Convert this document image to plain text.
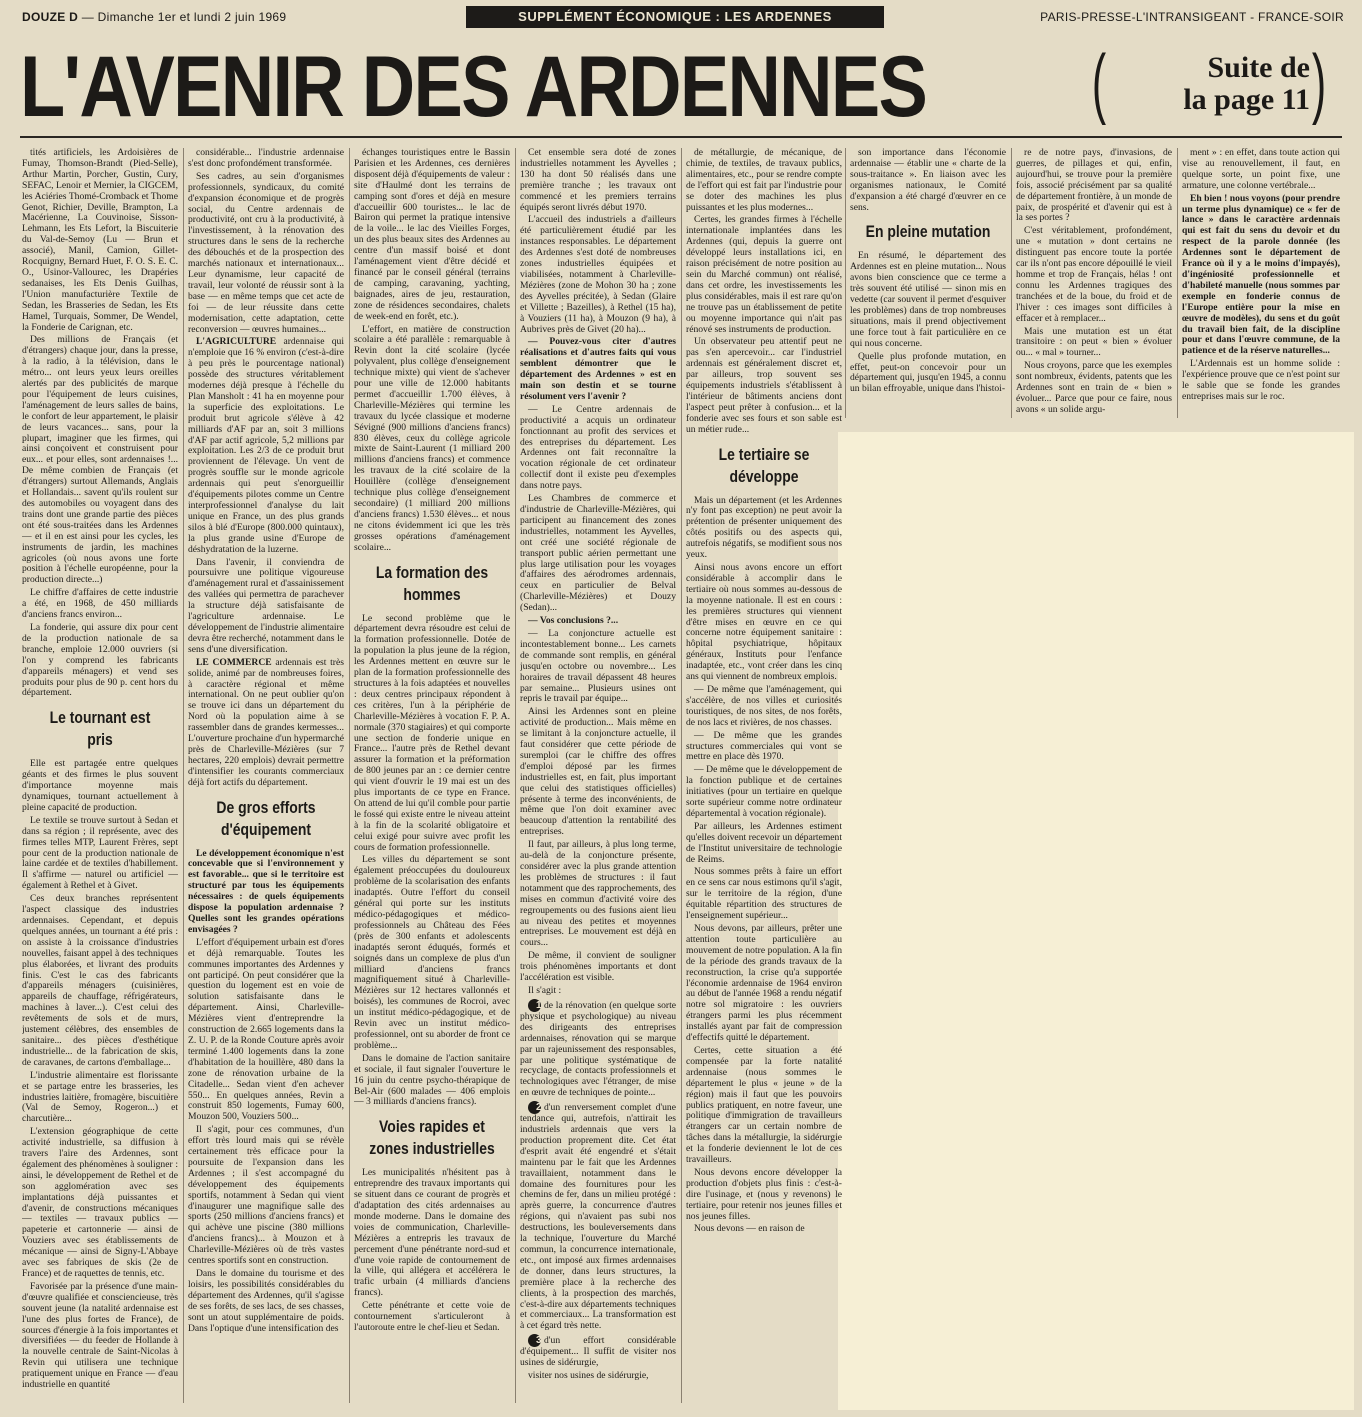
DOUZE D — Dimanche 1er et lundi 2 juin 1969	SUPPLÉMENT ÉCONOMIQUE : LES ARDENNES	PARIS-PRESSE-L'INTRANSIGEANT - FRANCE-SOIR
L'AVENIR DES ARDENNES (	Suite de
la page 11 )

tités artificiels, les Ardoisières de Fumay, Thomson-Brandt (Pied-Selle), Arthur Martin, Porcher, Gustin, Cury, SEFAC, Lenoir et Mernier, la CIGCEM, les Aciéries Thomé-Cromback et Thome Genot, Richier, Deville, Brampton, La Macérienne, La Couvinoise, Sisson-Lehmann, les Ets Lefort, la Biscuiterie du Val-de-Semoy (Lu — Brun et associé), Manil, Camion, Gillet-Rocquigny, Bernard Huet, F. O. S. E. C. O., Usinor-Vallourec, les Drapéries sedanaises, les Ets Denis Guilhas, l'Union manufacturière Textile de Sedan, les Brasseries de Sedan, les Ets Hamel, Turquais, Sommer, De Wendel, la Fonderie de Carignan, etc.

Des millions de Français (et d'étrangers) chaque jour, dans la presse, à la radio, à la télévision, dans le métro... ont leurs yeux leurs oreilles alertés par des publicités de marque pour l'équipement de leurs cuisines, l'aménagement de leurs salles de bains, le confort de leur appartement, le plaisir de leurs vacances... sans, pour la plupart, imaginer que les firmes, qui ainsi conçoivent et construisent pour eux... et pour elles, sont ardennaises !... De même combien de Français (et d'étrangers) surtout Allemands, Anglais et Hollandais... savent qu'ils roulent sur des automobiles ou voyagent dans des trains dont une grande partie des pièces ont été sous-traitées dans les Ardennes — et il en est ainsi pour les cycles, les instruments de jardin, les machines agricoles (où nous avons une forte position à l'échelle européenne, pour la production directe...)

Le chiffre d'affaires de cette industrie a été, en 1968, de 450 milliards d'anciens francs environ...

La fonderie, qui assure dix pour cent de la production nationale de sa branche, emploie 12.000 ouvriers (si l'on y comprend les fabricants d'appareils ménagers) et vend ses produits pour plus de 90 p. cent hors du département.

Le tournant est pris

Elle est partagée entre quelques géants et des firmes le plus souvent d'importance moyenne mais dynamiques, tournant actuellement à pleine capacité de production.

Le textile se trouve surtout à Sedan et dans sa région ; il représente, avec des firmes telles MTP, Laurent Frères, sept pour cent de la production nationale de laine cardée et de textiles d'habillement. Il s'affirme — naturel ou artificiel — également à Rethel et à Givet.

Ces deux branches représentent l'aspect classique des industries ardennaises. Cependant, et depuis quelques années, un tournant a été pris : on assiste à la croissance d'industries nouvelles, faisant appel à des techniques plus élaborées, et livrant des produits finis. C'est le cas des fabricants d'appareils ménagers (cuisinières, appareils de chauffage, réfrigérateurs, machines à laver...). C'est celui des revêtements de sols et de murs, justement célèbres, des ensembles de sanitaire... des pièces d'esthétique industrielle... de la fabrication de skis, de caravanes, de cartons d'emballage...

L'industrie alimentaire est florissante et se partage entre les brasseries, les industries laitière, fromagère, biscuitière (Val de Semoy, Rogeron...) et charcutière...

L'extension géographique de cette activité industrielle, sa diffusion à travers l'aire des Ardennes, sont également des phénomènes à souligner : ainsi, le développement de Rethel et de son agglomération avec ses implantations déjà puissantes et d'avenir, de constructions mécaniques — textiles — travaux publics — papeterie et cartonnerie — ainsi de Vouziers avec ses établissements de mécanique — ainsi de Signy-L'Abbaye avec ses fabriques de skis (2e de France) et de raquettes de tennis, etc.

Favorisée par la présence d'une main-d'œuvre qualifiée et consciencieuse, très souvent jeune (la natalité ardennaise est l'une des plus fortes de France), de sources d'énergie à la fois importantes et diversifiées — du feeder de Hollande à la nouvelle centrale de Saint-Nicolas à Revin qui utilisera une technique pratiquement unique en France — d'eau industrielle en quantité

considérable... l'industrie ardennaise s'est donc profondément transformée.

Ses cadres, au sein d'organismes professionnels, syndicaux, du comité d'expansion économique et de progrès social, du Centre ardennais de productivité, ont cru à la productivité, à l'investissement, à la rénovation des structures dans le sens de la recherche des débouchés et de la prospection des marchés nationaux et internationaux... Leur dynamisme, leur capacité de travail, leur volonté de réussir sont à la base — en même temps que cet acte de foi — de leur réussite dans cette modernisation, cette adaptation, cette reconversion — œuvres humaines...

L'AGRICULTURE ardennaise qui n'emploie que 16 % environ (c'est-à-dire à peu près le pourcentage national) possède des structures véritablement modernes déjà presque à l'échelle du Plan Mansholt : 41 ha en moyenne pour la superficie des exploitations. Le produit brut agricole s'élève à 42 milliards d'AF par an, soit 3 millions d'AF par actif agricole, 5,2 millions par exploitation. Les 2/3 de ce produit brut proviennent de l'élevage. Un vent de progrès souffle sur le monde agricole ardennais qui peut s'enorgueillir d'équipements pilotes comme un Centre interprofessionnel d'analyse du lait unique en France, un des plus grands silos à blé d'Europe (800.000 quintaux), la plus grande usine d'Europe de déshydratation de la luzerne.

Dans l'avenir, il conviendra de poursuivre une politique vigoureuse d'aménagement rural et d'assainissement des vallées qui permettra de parachever la structure déjà satisfaisante de l'agriculture ardennaise. Le développement de l'industrie alimentaire devra être recherché, notamment dans le sens d'une diversification.

LE COMMERCE ardennais est très solide, animé par de nombreuses foires, à caractère régional et même international. On ne peut oublier qu'on se trouve ici dans un département du Nord où la population aime à se rassembler dans de grandes kermesses... L'ouverture prochaine d'un hypermarché près de Charleville-Mézières (sur 7 hectares, 220 emplois) devrait permettre d'intensifier les courants commerciaux déjà fort actifs du département.

De gros efforts d'équipement

Le développement économique n'est concevable que si l'environnement y est favorable... que si le territoire est structuré par tous les équipements nécessaires : de quels équipements dispose la population ardennaise ? Quelles sont les grandes opérations envisagées ?

L'effort d'équipement urbain est d'ores et déjà remarquable. Toutes les communes importantes des Ardennes y ont participé. On peut considérer que la question du logement est en voie de solution satisfaisante dans le département. Ainsi, Charleville-Mézières vient d'entreprendre la construction de 2.665 logements dans la Z. U. P. de la Ronde Couture après avoir terminé 1.400 logements dans la zone d'habitation de la houillère, 480 dans la zone de rénovation urbaine de la Citadelle... Sedan vient d'en achever 550... En quelques années, Revin a construit 850 logements, Fumay 600, Mouzon 500, Vouziers 500...

Il s'agit, pour ces communes, d'un effort très lourd mais qui se révèle certainement très efficace pour la poursuite de l'expansion dans les Ardennes ; il s'est accompagné du développement des équipements sportifs, notamment à Sedan qui vient d'inaugurer une magnifique salle des sports (250 millions d'anciens francs) et qui achève une piscine (380 millions d'anciens francs)... à Mouzon et à Charleville-Mézières où de très vastes centres sportifs sont en construction.

Dans le domaine du tourisme et des loisirs, les possibilités considérables du département des Ardennes, qu'il s'agisse de ses forêts, de ses lacs, de ses chasses, sont un atout supplémentaire de poids. Dans l'optique d'une intensification des

échanges touristiques entre le Bassin Parisien et les Ardennes, ces dernières disposent déjà d'équipements de valeur : site d'Haulmé dont les terrains de camping sont d'ores et déjà en mesure d'accueillir 600 touristes... le lac de Bairon qui permet la pratique intensive de la voile... le lac des Vieilles Forges, un des plus beaux sites des Ardennes au centre d'un massif boisé et dont l'aménagement vient d'être décidé et financé par le conseil général (terrains de camping, caravaning, yachting, baignades, aires de jeu, restauration, zone de résidences secondaires, chalets de week-end en forêt, etc.).

L'effort, en matière de construction scolaire a été parallèle : remarquable à Revin dont la cité scolaire (lycée polyvalent, plus collège d'enseignement technique mixte) qui vient de s'achever pour une ville de 12.000 habitants permet d'accueillir 1.700 élèves, à Charleville-Mézières qui termine les travaux du lycée classique et moderne Sévigné (900 millions d'anciens francs) 830 élèves, ceux du collège agricole mixte de Saint-Laurent (1 milliard 200 millions d'anciens francs) et commence les travaux de la cité scolaire de la Houillère (collège d'enseignement technique plus collège d'enseignement secondaire) (1 milliard 200 millions d'anciens francs) 1.530 élèves... et nous ne citons évidemment ici que les très grosses opérations d'aménagement scolaire...

La formation des hommes

Le second problème que le département devra résoudre est celui de la formation professionnelle. Dotée de la population la plus jeune de la région, les Ardennes mettent en œuvre sur le plan de la formation professionnelle des structures à la fois adaptées et nouvelles : deux centres principaux répondent à ces critères, l'un à la périphérie de Charleville-Mézières à vocation F. P. A. normale (370 stagiaires) et qui comporte une section de fonderie unique en France... l'autre près de Rethel devant assurer la formation et la préformation de 800 jeunes par an : ce dernier centre qui vient d'ouvrir le 19 mai est un des plus importants de ce type en France. On attend de lui qu'il comble pour partie le fossé qui existe entre le niveau atteint à la fin de la scolarité obligatoire et celui exigé pour suivre avec profit les cours de formation professionnelle.

Les villes du département se sont également préoccupées du douloureux problème de la scolarisation des enfants inadaptés. Outre l'effort du conseil général qui porte sur les instituts médico-pédagogiques et médico-professionnels au Château des Fées (près de 300 enfants et adolescents inadaptés seront éduqués, formés et soignés dans un complexe de plus d'un milliard d'anciens francs magnifiquement situé à Charleville-Mézières sur 12 hectares vallonnés et boisés), les communes de Rocroi, avec un institut médico-pédagogique, et de Revin avec un institut médico-professionnel, ont su aborder de front ce problème...

Dans le domaine de l'action sanitaire et sociale, il faut signaler l'ouverture le 16 juin du centre psycho-thérapique de Bel-Air (600 malades — 406 emplois — 3 milliards d'anciens francs).

Voies rapides et zones industrielles

Les municipalités n'hésitent pas à entreprendre des travaux importants qui se situent dans ce courant de progrès et d'adaptation des cités ardennaises au monde moderne. Dans le domaine des voies de communication, Charleville-Mézières a entrepris les travaux de percement d'une pénétrante nord-sud et d'une voie rapide de contournement de la ville, qui allégera et accélérera le trafic urbain (4 milliards d'anciens francs).

Cette pénétrante et cette voie de contournement s'articuleront à l'autoroute entre le chef-lieu et Sedan.

Cet ensemble sera doté de zones industrielles notamment les Ayvelles ; 130 ha dont 50 réalisés dans une première tranche ; les travaux ont commencé et les premiers terrains équipés seront livrés début 1970.

L'accueil des industriels a d'ailleurs été particulièrement étudié par les instances responsables. Le département des Ardennes s'est doté de nombreuses zones industrielles équipées et viabilisées, notamment à Charleville-Mézières (zone de Mohon 30 ha ; zone des Ayvelles précitée), à Sedan (Glaire et Villette ; Bazeilles), à Rethel (15 ha), à Vouziers (11 ha), à Mouzon (9 ha), à Aubrives près de Givet (20 ha)...

— Pouvez-vous citer d'autres réalisations et d'autres faits qui vous semblent démontrer que le département des Ardennes » est en main son destin et se tourne résolument vers l'avenir ?

— Le Centre ardennais de productivité a acquis un ordinateur fonctionnant au profit des services et des entreprises du département. Les Ardennes ont fait reconnaître la vocation régionale de cet ordinateur collectif dont il existe peu d'exemples dans notre pays.

Les Chambres de commerce et d'industrie de Charleville-Mézières, qui participent au financement des zones industrielles, notamment les Ayvelles, ont créé une société régionale de transport public aérien permettant une plus large utilisation pour les voyages d'affaires des aérodromes ardennais, ceux en particulier de Belval (Charleville-Mézières) et Douzy (Sedan)...

— Vos conclusions ?...

— La conjoncture actuelle est incontestablement bonne... Les carnets de commande sont remplis, en général jusqu'en octobre ou novembre... Les horaires de travail dépassent 48 heures par semaine... Plusieurs usines ont repris le travail par équipe...

Ainsi les Ardennes sont en pleine activité de production... Mais même en se limitant à la conjoncture actuelle, il faut considérer que cette période de suremploi (car le chiffre des offres d'emploi déposé par les firmes industrielles est, en fait, plus important que celui des statistiques officielles) présente à terme des inconvénients, de même que l'on doit examiner avec beaucoup d'attention la rentabilité des entreprises.

Il faut, par ailleurs, à plus long terme, au-delà de la conjoncture présente, considérer avec la plus grande attention les problèmes de structures : il faut notamment que des rapprochements, des mises en commun d'activité voire des regroupements ou des fusions aient lieu au niveau des petites et moyennes entreprises. Le mouvement est déjà en cours...

De même, il convient de souligner trois phénomènes importants et dont l'accélération est visible.

Il s'agit :

1 de la rénovation (en quelque sorte physique et psychologique) au niveau des dirigeants des entreprises ardennaises, rénovation qui se marque par un rajeunissement des responsables, par une politique systématique de recyclage, de contacts professionnels et technologiques avec l'étranger, de mise en œuvre de techniques de pointe...

2 d'un renversement complet d'une tendance qui, autrefois, n'attirait les industriels ardennais que vers la production proprement dite. Cet état d'esprit avait été engendré et s'était maintenu par le fait que les Ardennes travaillaient, notamment dans le domaine des fournitures pour les chemins de fer, dans un milieu protégé : après guerre, la concurrence d'autres régions, qui n'avaient pas subi nos destructions, les bouleversements dans la technique, l'ouverture du Marché commun, la concurrence internationale, etc., ont imposé aux firmes ardennaises de donner, dans leurs structures, la première place à la recherche des clients, à la prospection des marchés, c'est-à-dire aux départements techniques et commerciaux... La transformation est à cet égard très nette.

3 d'un effort considérable d'équipement... Il suffit de visiter nos usines de sidérurgie,

visiter nos usines de sidérurgie,

de métallurgie, de mécanique, de chimie, de textiles, de travaux publics, alimentaires, etc., pour se rendre compte de l'effort qui est fait par l'industrie pour se doter des machines les plus puissantes et les plus modernes...

Certes, les grandes firmes à l'échelle internationale implantées dans les Ardennes (qui, depuis la guerre ont développé leurs installations ici, en raison précisément de notre position au sein du Marché commun) ont réalisé, dans cet ordre, les investissements les plus considérables, mais il est rare qu'on ne trouve pas un établissement de petite ou moyenne importance qui n'ait pas rénové ses instruments de production.

Un observateur peu attentif peut ne pas s'en apercevoir... car l'industriel ardennais est généralement discret et, par ailleurs, trop souvent ses équipements industriels s'établissent à l'intérieur de bâtiments anciens dont l'aspect peut prêter à confusion... et la fonderie avec ses fours et son sable est un métier rude...

Le tertiaire se développe

Mais un département (et les Ardennes n'y font pas exception) ne peut avoir la prétention de présenter uniquement des côtés positifs ou des aspects qui, autrefois négatifs, se modifient sous nos yeux.

Ainsi nous avons encore un effort considérable à accomplir dans le tertiaire où nous sommes au-dessous de la moyenne nationale. Il est en cours : les premières structures qui viennent d'être mises en œuvre en ce qui concerne notre équipement sanitaire : hôpital psychiatrique, hôpitaux généraux, Instituts pour l'enfance inadaptée, etc., vont créer dans les cinq ans qui viennent de nombreux emplois.

— De même que l'aménagement, qui s'accélère, de nos villes et curiosités touristiques, de nos sites, de nos forêts, de nos lacs et rivières, de nos chasses.

— De même que les grandes structures commerciales qui vont se mettre en place dès 1970.

— De même que le développement de la fonction publique et de certaines initiatives (pour un tertiaire en quelque sorte supérieur comme notre ordinateur départemental à vocation régionale).

Par ailleurs, les Ardennes estiment qu'elles doivent recevoir un département de l'Institut universitaire de technologie de Reims.

Nous sommes prêts à faire un effort en ce sens car nous estimons qu'il s'agit, sur le territoire de la région, d'une équitable répartition des structures de l'enseignement supérieur...

Nous devons, par ailleurs, prêter une attention toute particulière au mouvement de notre population. A la fin de la période des grands travaux de la reconstruction, la crise qu'a supportée l'économie ardennaise de 1964 environ au début de l'année 1968 a rendu négatif notre sol migratoire : les ouvriers étrangers parmi les plus récemment installés ayant par fait de compression d'effectifs quitté le département.

Certes, cette situation a été compensée par la forte natalité ardennaise (nous sommes le département le plus « jeune » de la région) mais il faut que les pouvoirs publics pratiquent, en notre faveur, une politique d'immigration de travailleurs étrangers car un certain nombre de tâches dans la métallurgie, la sidérurgie et la fonderie deviennent le lot de ces travailleurs.

Nous devons encore développer la production d'objets plus finis : c'est-à-dire l'usinage, et (nous y revenons) le tertiaire, pour retenir nos jeunes filles et nos jeunes filles.

Nous devons — en raison de

son importance dans l'économie ardennaise — établir une « charte de la sous-traitance ». En liaison avec les organismes nationaux, le Comité d'expansion a été chargé d'œuvrer en ce sens.

En pleine mutation

En résumé, le département des Ardennes est en pleine mutation... Nous avons bien conscience que ce terme a très souvent été utilisé — sinon mis en vedette (car souvent il permet d'esquiver les problèmes) dans de trop nombreuses situations, mais il prend objectivement une force tout à fait particulière en ce qui nous concerne.

Quelle plus profonde mutation, en effet, peut-on concevoir pour un département qui, jusqu'en 1945, a connu un bilan effroyable, unique dans l'histoi-

re de notre pays, d'invasions, de guerres, de pillages et qui, enfin, aujourd'hui, se trouve pour la première fois, associé précisément par sa qualité de département frontière, à un monde de paix, de prospérité et d'avenir qui est à la ses portes ?

C'est véritablement, profondément, une « mutation » dont certains ne distinguent pas encore toute la portée car ils n'ont pas encore dépouillé le vieil homme et trop de Français, hélas ! ont connu les Ardennes tragiques des tranchées et de la boue, du froid et de l'hiver : ces images sont difficiles à effacer et à remplacer...

Mais une mutation est un état transitoire : on peut « bien » évoluer ou... « mal » tourner...

Nous croyons, parce que les exemples sont nombreux, évidents, patents que les Ardennes sont en train de « bien » évoluer... Parce que pour ce faire, nous avons « un solide argu-

ment » : en effet, dans toute action qui vise au renouvellement, il faut, en quelque sorte, un point fixe, une armature, une colonne vertébrale...

Eh bien ! nous voyons (pour prendre un terme plus dynamique) ce « fer de lance » dans le caractère ardennais qui est fait du sens du devoir et du respect de la parole donnée (les Ardennes sont le département de France où il y a le moins d'impayés), d'ingéniosité professionnelle et d'habileté manuelle (nous sommes par exemple en fonderie connus de l'Europe entière pour la mise en œuvre de modèles), du sens et du goût du travail bien fait, de la discipline pour et dans l'œuvre commune, de la patience et de la réserve naturelles...

L'Ardennais est un homme solide : l'expérience prouve que ce n'est point sur le sable que se fonde les grandes entreprises mais sur le roc.
